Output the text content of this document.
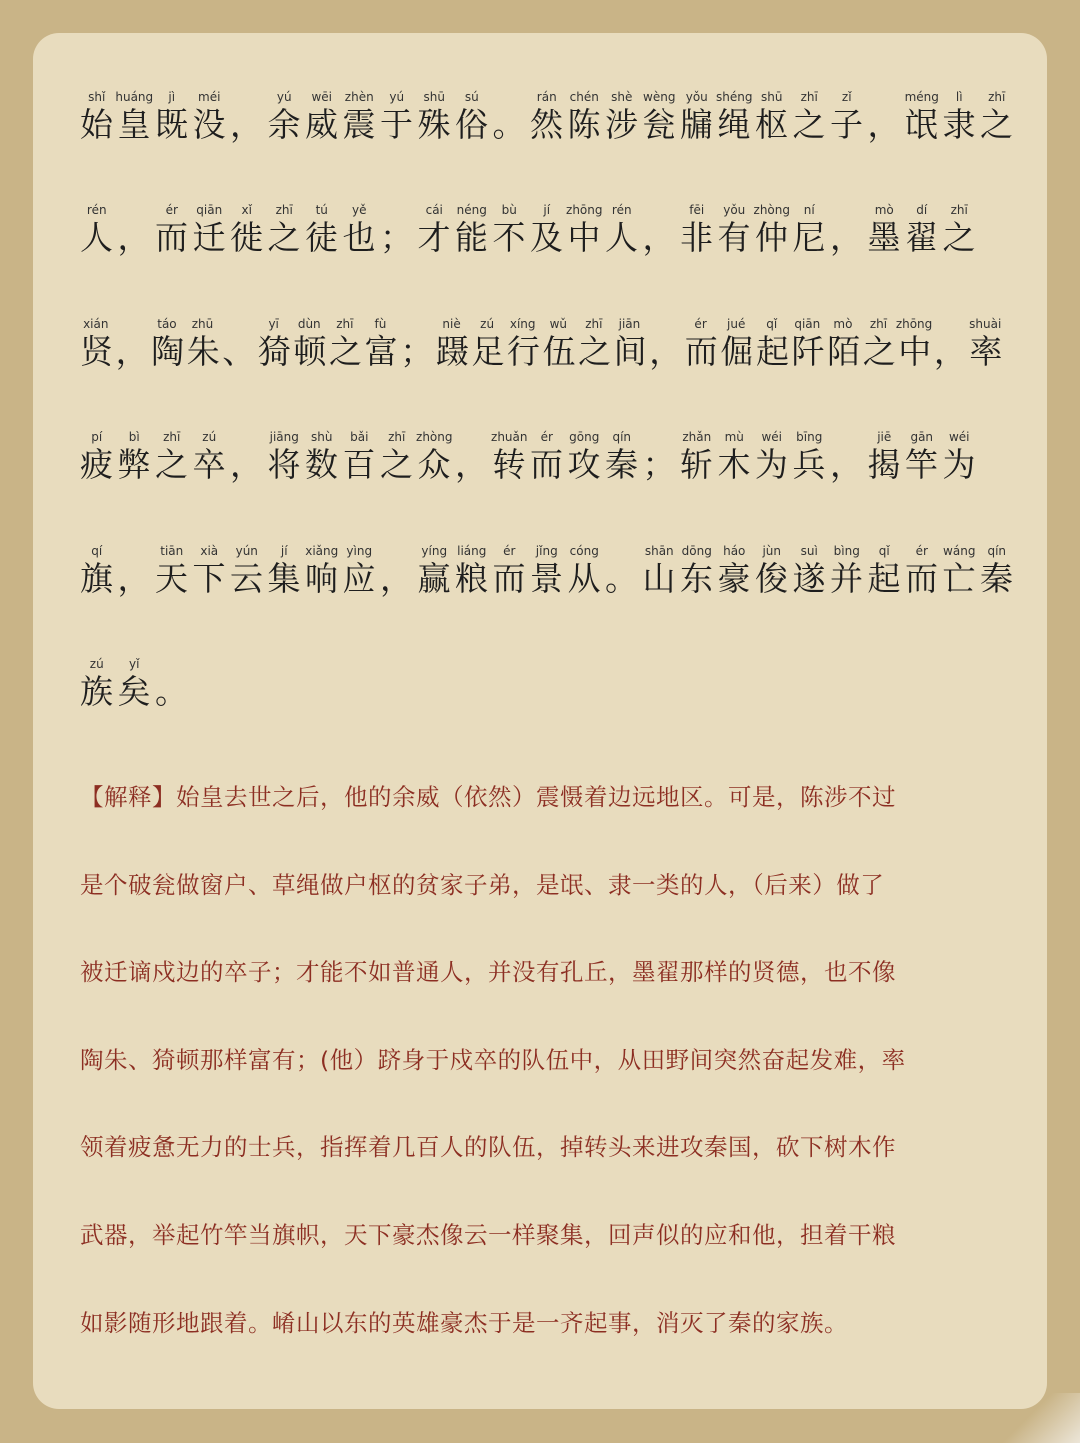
shǐ huáng jì méi	yú wēi zhèn yú shū sú	rán chén shè wèng yǒu shéng shū zhī zǐ	méng lì zhī
始皇既没，余威震于殊俗。然陈涉瓮牖绳枢之子，氓隶之
rén	ér qiān xǐ zhī tú yě	cái néng bù jí zhōng rén	fēi yǒu zhòng ní	mò dí zhī
人，而迁徙之徒也；才能不及中人，非有仲尼，墨翟之
xián	táo zhū	yī dùn zhī fù	niè zú xíng wǔ zhī jiān	ér jué qǐ qiān mò zhī zhōng	shuài
贤，陶朱、猗顿之富；蹑足行伍之间，而倔起阡陌之中，率
pí bì zhī zú	jiāng shù bǎi zhī zhòng	zhuǎn ér gōng qín	zhǎn mù wéi bīng	jiē gān wéi
疲弊之卒，将数百之众，转而攻秦；斩木为兵，揭竿为
qí	tiān xià yún jí xiǎng yìng	yíng liáng ér jǐng cóng	shān dōng háo jùn suì bìng qǐ ér wáng qín
旗，天下云集响应，赢粮而景从。山东豪俊遂并起而亡秦
zú yǐ
族矣。
【解释】始皇去世之后，他的余威（依然）震慑着边远地区。可是，陈涉不过
是个破瓮做窗户、草绳做户枢的贫家子弟，是氓、隶一类的人，（后来）做了
被迁谪戍边的卒子；才能不如普通人，并没有孔丘，墨翟那样的贤德，也不像
陶朱、猗顿那样富有；(他）跻身于戍卒的队伍中，从田野间突然奋起发难，率
领着疲惫无力的士兵，指挥着几百人的队伍，掉转头来进攻秦国，砍下树木作
武器，举起竹竿当旗帜，天下豪杰像云一样聚集，回声似的应和他，担着干粮
如影随形地跟着。崤山以东的英雄豪杰于是一齐起事，消灭了秦的家族。
